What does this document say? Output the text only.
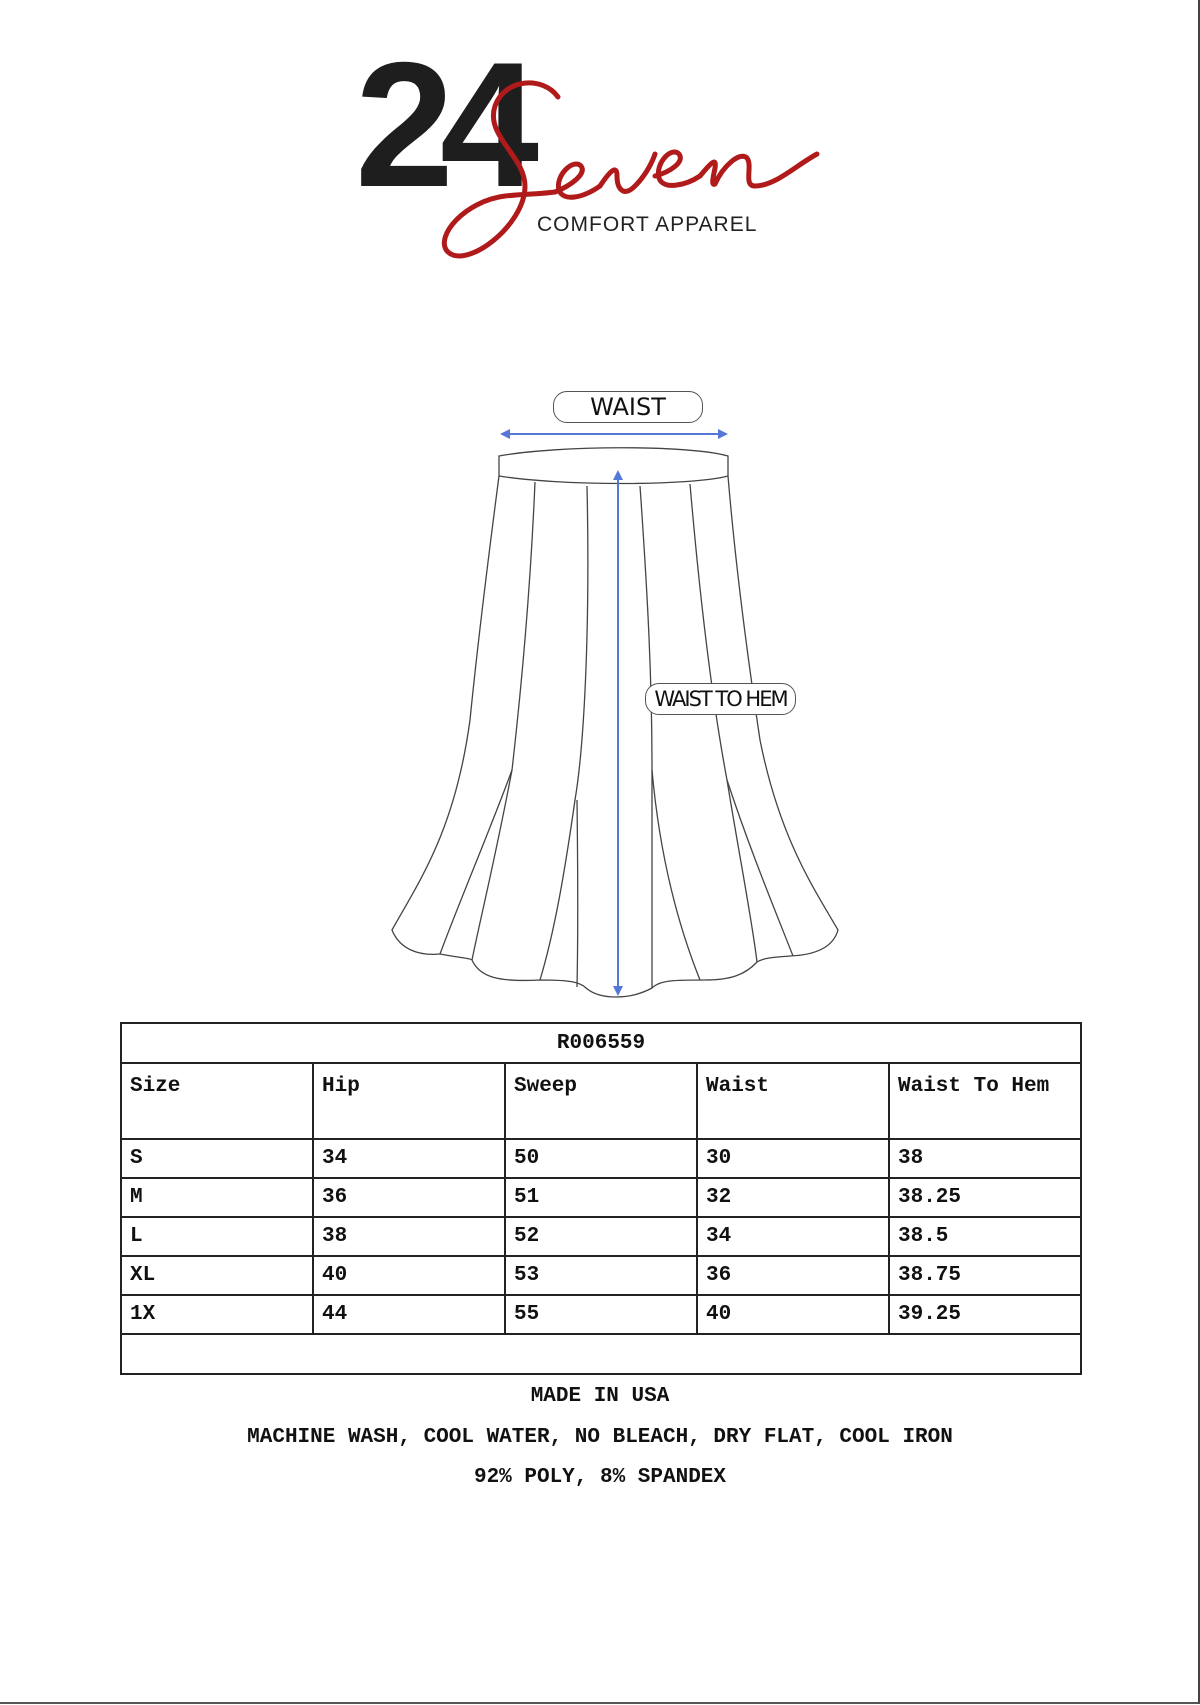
24
COMFORT APPAREL
WAIST
WAIST TO HEM
R006559				
Size	Hip	Sweep	Waist	Waist To Hem
S	34	50	30	38
M	36	51	32	38.25
L	38	52	34	38.5
XL	40	53	36	38.75
1X	44	55	40	39.25

MADE IN USA
MACHINE WASH, COOL WATER, NO BLEACH, DRY FLAT, COOL IRON
92% POLY, 8% SPANDEX
